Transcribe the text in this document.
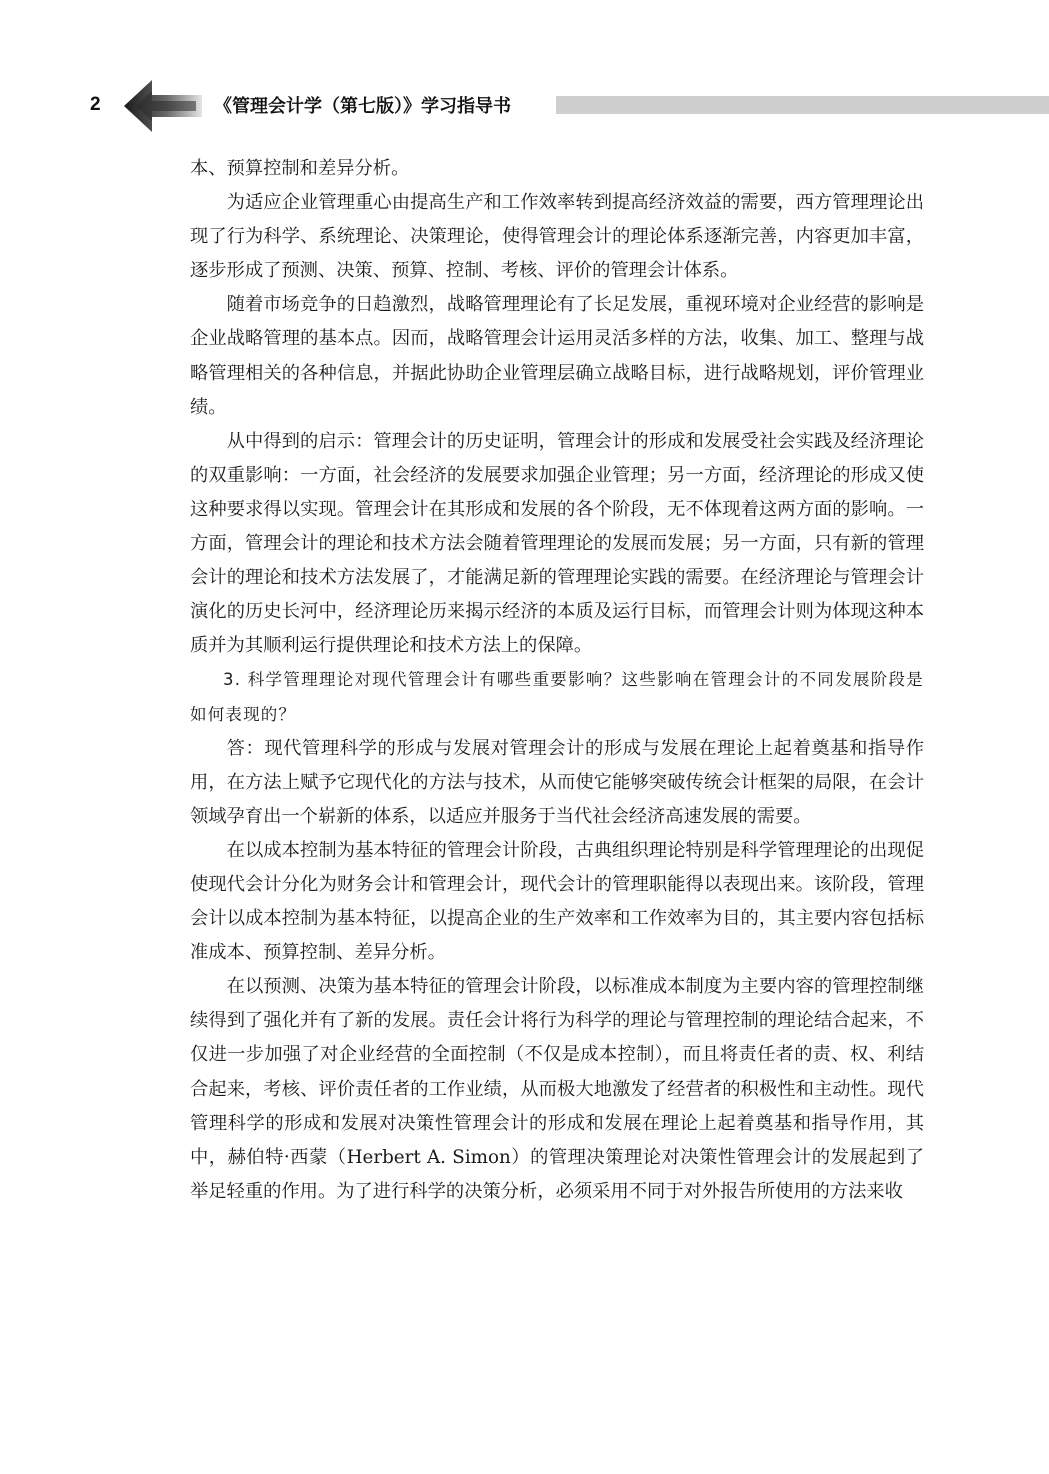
2	《管理会计学（第七版）》学习指导书

本、预算控制和差异分析。

为适应企业管理重心由提高生产和工作效率转到提高经济效益的需要，西方管理理论出现了行为科学、系统理论、决策理论，使得管理会计的理论体系逐渐完善，内容更加丰富，逐步形成了预测、决策、预算、控制、考核、评价的管理会计体系。

随着市场竞争的日趋激烈，战略管理理论有了长足发展，重视环境对企业经营的影响是企业战略管理的基本点。因而，战略管理会计运用灵活多样的方法，收集、加工、整理与战略管理相关的各种信息，并据此协助企业管理层确立战略目标，进行战略规划，评价管理业绩。

从中得到的启示：管理会计的历史证明，管理会计的形成和发展受社会实践及经济理论的双重影响：一方面，社会经济的发展要求加强企业管理；另一方面，经济理论的形成又使这种要求得以实现。管理会计在其形成和发展的各个阶段，无不体现着这两方面的影响。一方面，管理会计的理论和技术方法会随着管理理论的发展而发展；另一方面，只有新的管理会计的理论和技术方法发展了，才能满足新的管理理论实践的需要。在经济理论与管理会计演化的历史长河中，经济理论历来揭示经济的本质及运行目标，而管理会计则为体现这种本质并为其顺利运行提供理论和技术方法上的保障。

3. 科学管理理论对现代管理会计有哪些重要影响？这些影响在管理会计的不同发展阶段是如何表现的？

答：现代管理科学的形成与发展对管理会计的形成与发展在理论上起着奠基和指导作用，在方法上赋予它现代化的方法与技术，从而使它能够突破传统会计框架的局限，在会计领域孕育出一个崭新的体系，以适应并服务于当代社会经济高速发展的需要。

在以成本控制为基本特征的管理会计阶段，古典组织理论特别是科学管理理论的出现促使现代会计分化为财务会计和管理会计，现代会计的管理职能得以表现出来。该阶段，管理会计以成本控制为基本特征，以提高企业的生产效率和工作效率为目的，其主要内容包括标准成本、预算控制、差异分析。

在以预测、决策为基本特征的管理会计阶段，以标准成本制度为主要内容的管理控制继续得到了强化并有了新的发展。责任会计将行为科学的理论与管理控制的理论结合起来，不仅进一步加强了对企业经营的全面控制（不仅是成本控制），而且将责任者的责、权、利结合起来，考核、评价责任者的工作业绩，从而极大地激发了经营者的积极性和主动性。现代管理科学的形成和发展对决策性管理会计的形成和发展在理论上起着奠基和指导作用，其中，赫伯特·西蒙（Herbert A. Simon）的管理决策理论对决策性管理会计的发展起到了举足轻重的作用。为了进行科学的决策分析，必须采用不同于对外报告所使用的方法来收
